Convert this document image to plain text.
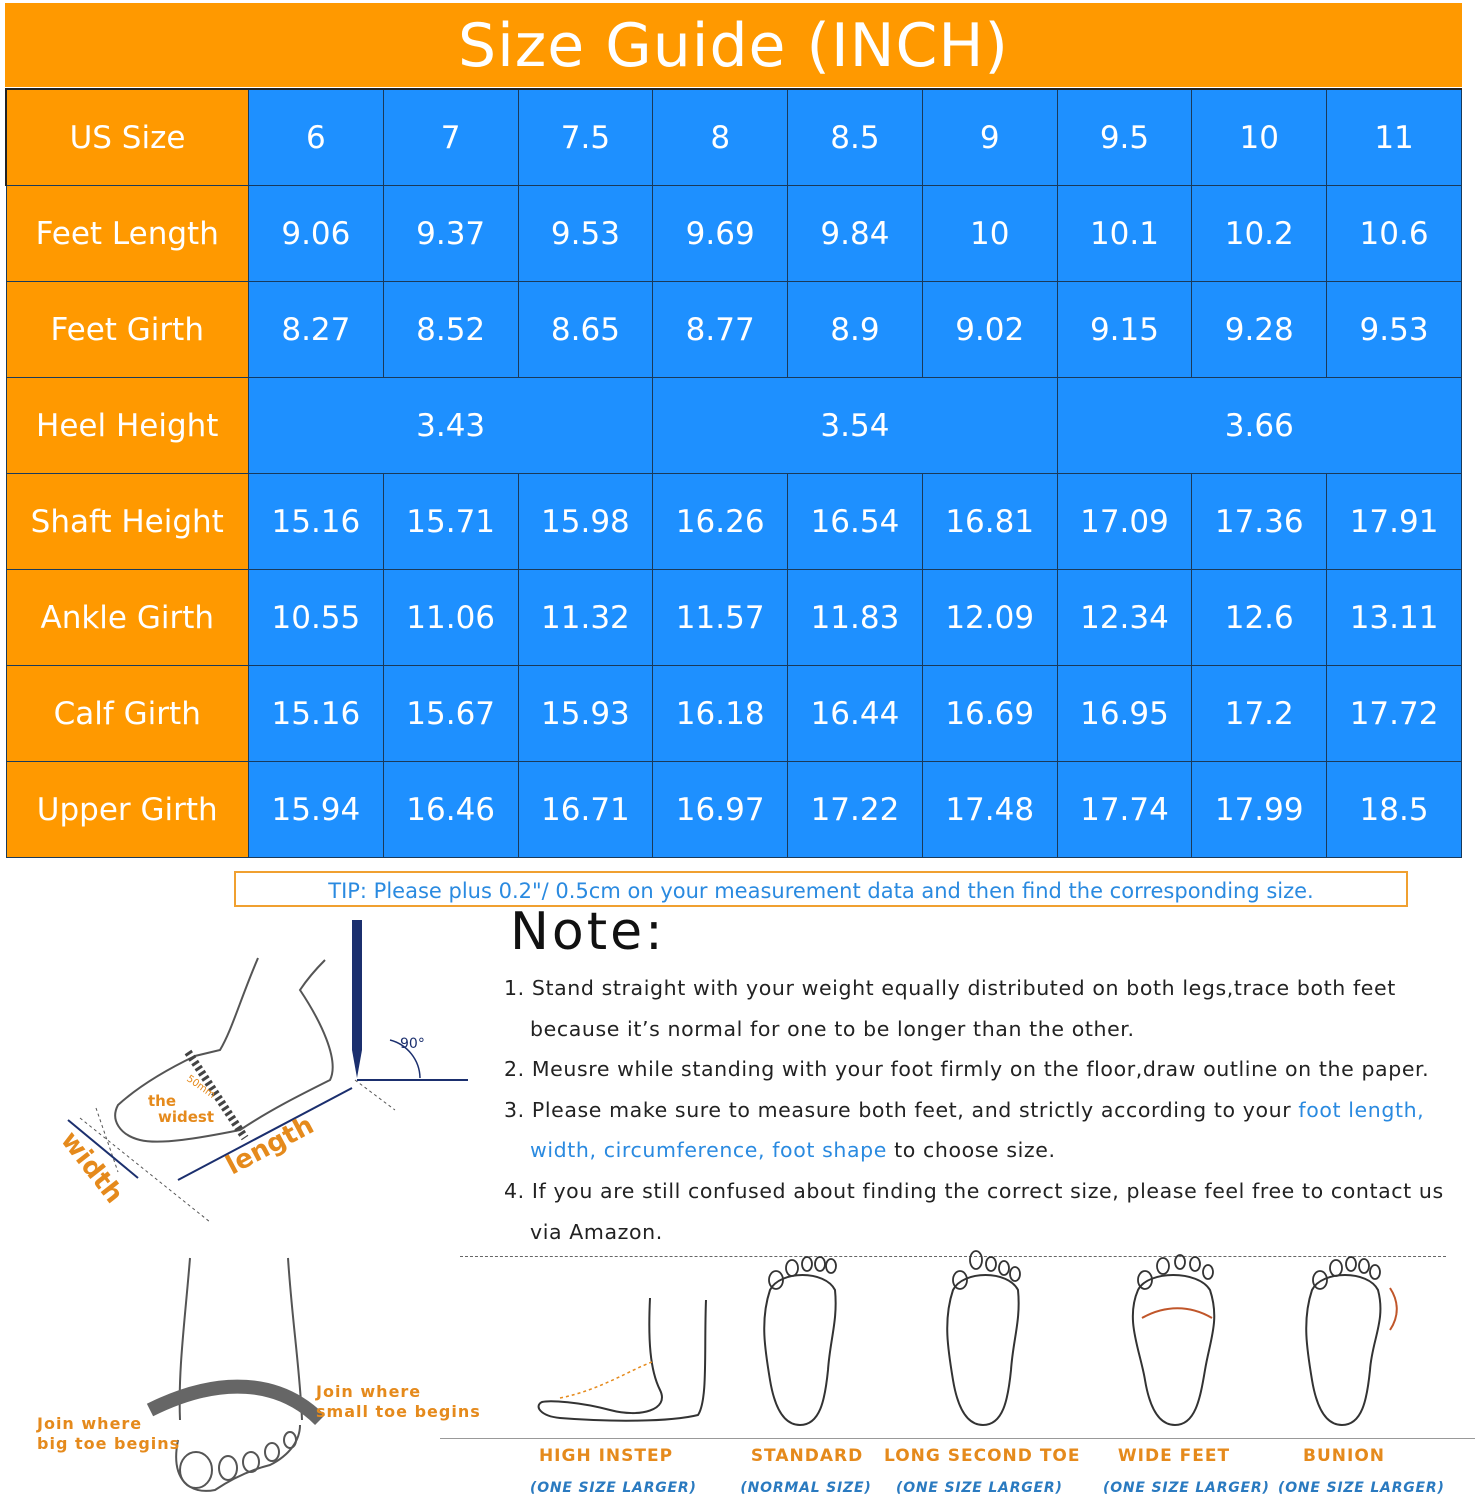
Size Guide (INCH)
US Size	6	7	7.5	8	8.5	9	9.5	10	11
Feet Length	9.06	9.37	9.53	9.69	9.84	10	10.1	10.2	10.6
Feet Girth	8.27	8.52	8.65	8.77	8.9	9.02	9.15	9.28	9.53
Heel Height	3.43			3.54			3.66		
Shaft Height	15.16	15.71	15.98	16.26	16.54	16.81	17.09	17.36	17.91
Ankle Girth	10.55	11.06	11.32	11.57	11.83	12.09	12.34	12.6	13.11
Calf Girth	15.16	15.67	15.93	16.18	16.44	16.69	16.95	17.2	17.72
Upper Girth	15.94	16.46	16.71	16.97	17.22	17.48	17.74	17.99	18.5
TIP: Please plus 0.2"/ 0.5cm on your measurement data and then find the corresponding size.
Note:
1. Stand straight with your weight equally distributed on both legs,trace both feet
because it’s normal for one to be longer than the other.
2. Meusre while standing with your foot firmly on the floor,draw outline on the paper.
3. Please make sure to measure both feet, and strictly according to your foot length,
width, circumference, foot shape to choose size.
4. If you are still confused about finding the correct size, please feel free to contact us
via Amazon.
90°
the
widest
50mm
width	length
Join where
big toe begins
Join where
small toe begins
HIGH INSTEP
(ONE SIZE LARGER)
STANDARD
(NORMAL SIZE)
LONG SECOND TOE
(ONE SIZE LARGER)
WIDE FEET
(ONE SIZE LARGER)
BUNION
(ONE SIZE LARGER)
